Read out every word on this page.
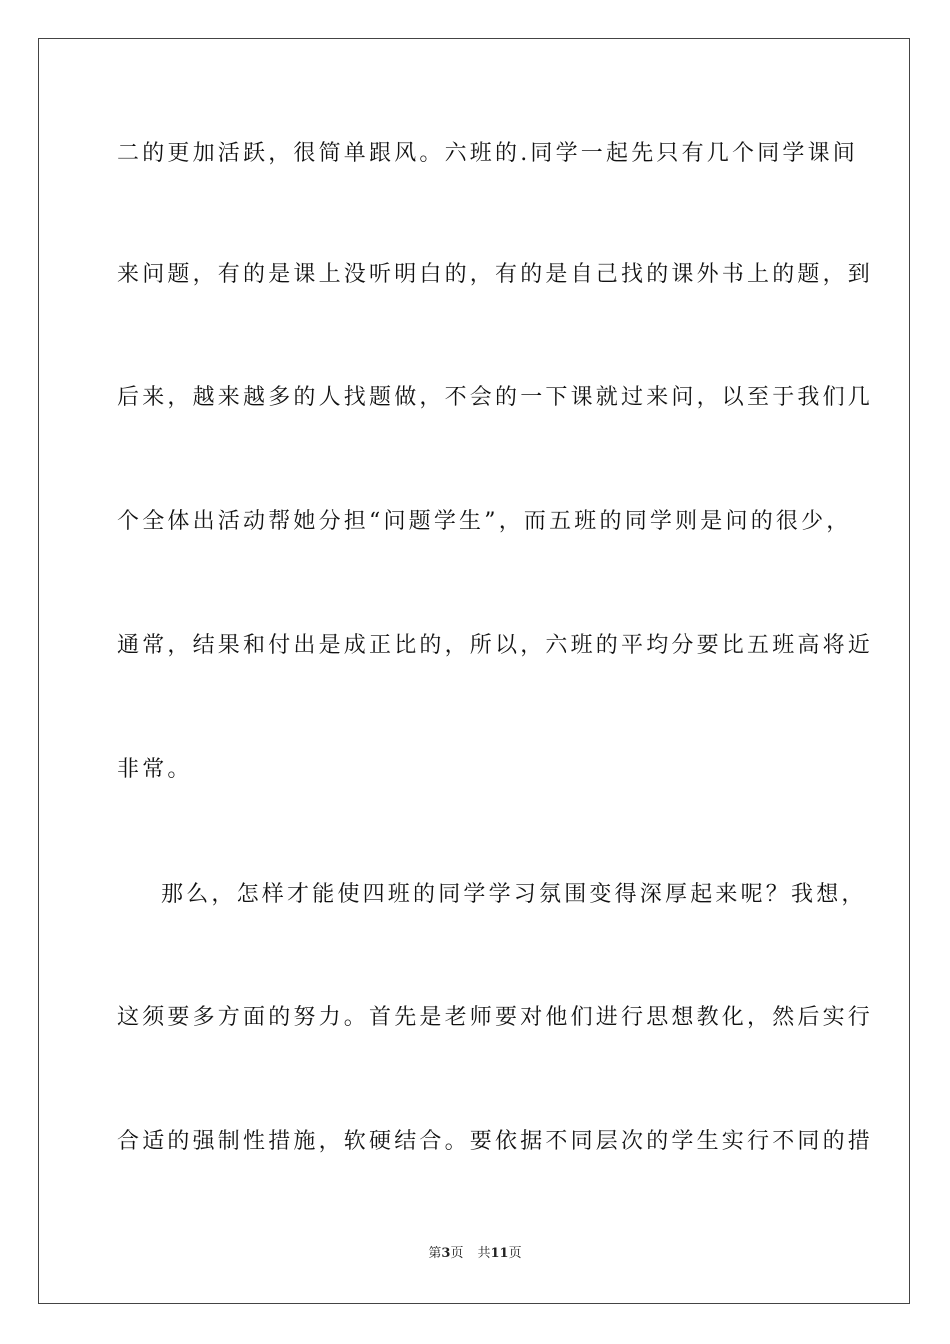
二的更加活跃，很简单跟风。六班的.同学一起先只有几个同学课间
来问题，有的是课上没听明白的，有的是自己找的课外书上的题，到
后来，越来越多的人找题做，不会的一下课就过来问，以至于我们几
个全体出活动帮她分担“问题学生”，而五班的同学则是问的很少，
通常，结果和付出是成正比的，所以，六班的平均分要比五班高将近
非常。
那么，怎样才能使四班的同学学习氛围变得深厚起来呢？我想，
这须要多方面的努力。首先是老师要对他们进行思想教化，然后实行
合适的强制性措施，软硬结合。要依据不同层次的学生实行不同的措
第3页 共11页
